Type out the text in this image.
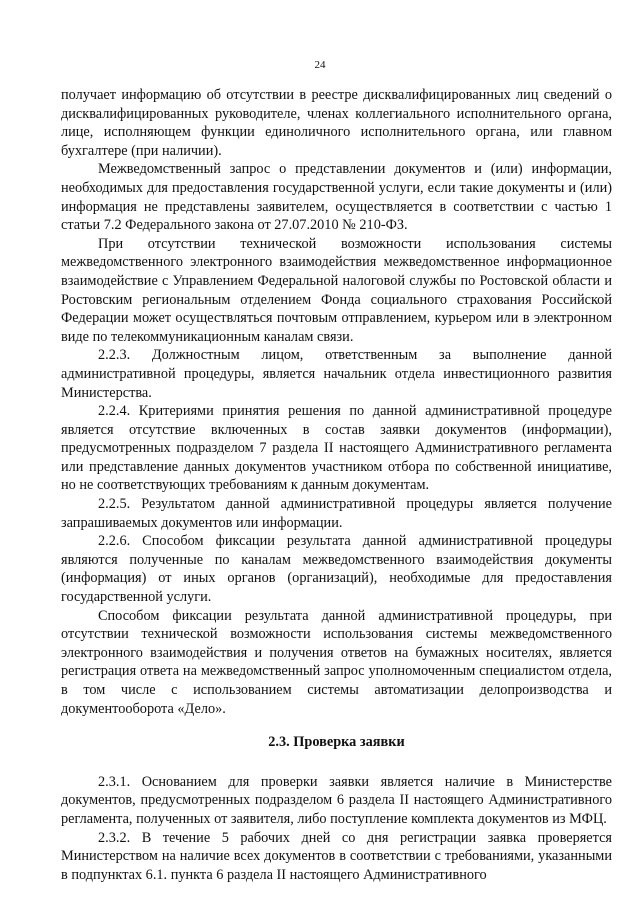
24

получает информацию об отсутствии в реестре дисквалифицированных лиц сведений о дисквалифицированных руководителе, членах коллегиального исполнительного органа, лице, исполняющем функции единоличного исполнительного органа, или главном бухгалтере (при наличии).

Межведомственный запрос о представлении документов и (или) информации, необходимых для предоставления государственной услуги, если такие документы и (или) информация не представлены заявителем, осуществляется в соответствии с частью 1 статьи 7.2 Федерального закона от 27.07.2010 № 210-ФЗ.

При отсутствии технической возможности использования системы межведомственного электронного взаимодействия межведомственное информационное взаимодействие с Управлением Федеральной налоговой службы по Ростовской области и Ростовским региональным отделением Фонда социального страхования Российской Федерации может осуществляться почтовым отправлением, курьером или в электронном виде по телекоммуникационным каналам связи.

2.2.3. Должностным лицом, ответственным за выполнение данной административной процедуры, является начальник отдела инвестиционного развития Министерства.

2.2.4. Критериями принятия решения по данной административной процедуре является отсутствие включенных в состав заявки документов (информации), предусмотренных подразделом 7 раздела II настоящего Административного регламента или представление данных документов участником отбора по собственной инициативе, но не соответствующих требованиям к данным документам.

2.2.5. Результатом данной административной процедуры является получение запрашиваемых документов или информации.

2.2.6. Способом фиксации результата данной административной процедуры являются полученные по каналам межведомственного взаимодействия документы (информация) от иных органов (организаций), необходимые для предоставления государственной услуги.

Способом фиксации результата данной административной процедуры, при отсутствии технической возможности использования системы межведомственного электронного взаимодействия и получения ответов на бумажных носителях, является регистрация ответа на межведомственный запрос уполномоченным специалистом отдела, в том числе с использованием системы автоматизации делопроизводства и документооборота «Дело».

2.3. Проверка заявки

2.3.1. Основанием для проверки заявки является наличие в Министерстве документов, предусмотренных подразделом 6 раздела II настоящего Административного регламента, полученных от заявителя, либо поступление комплекта документов из МФЦ.

2.3.2. В течение 5 рабочих дней со дня регистрации заявка проверяется Министерством на наличие всех документов в соответствии с требованиями, указанными в подпунктах 6.1. пункта 6 раздела II настоящего Административного
